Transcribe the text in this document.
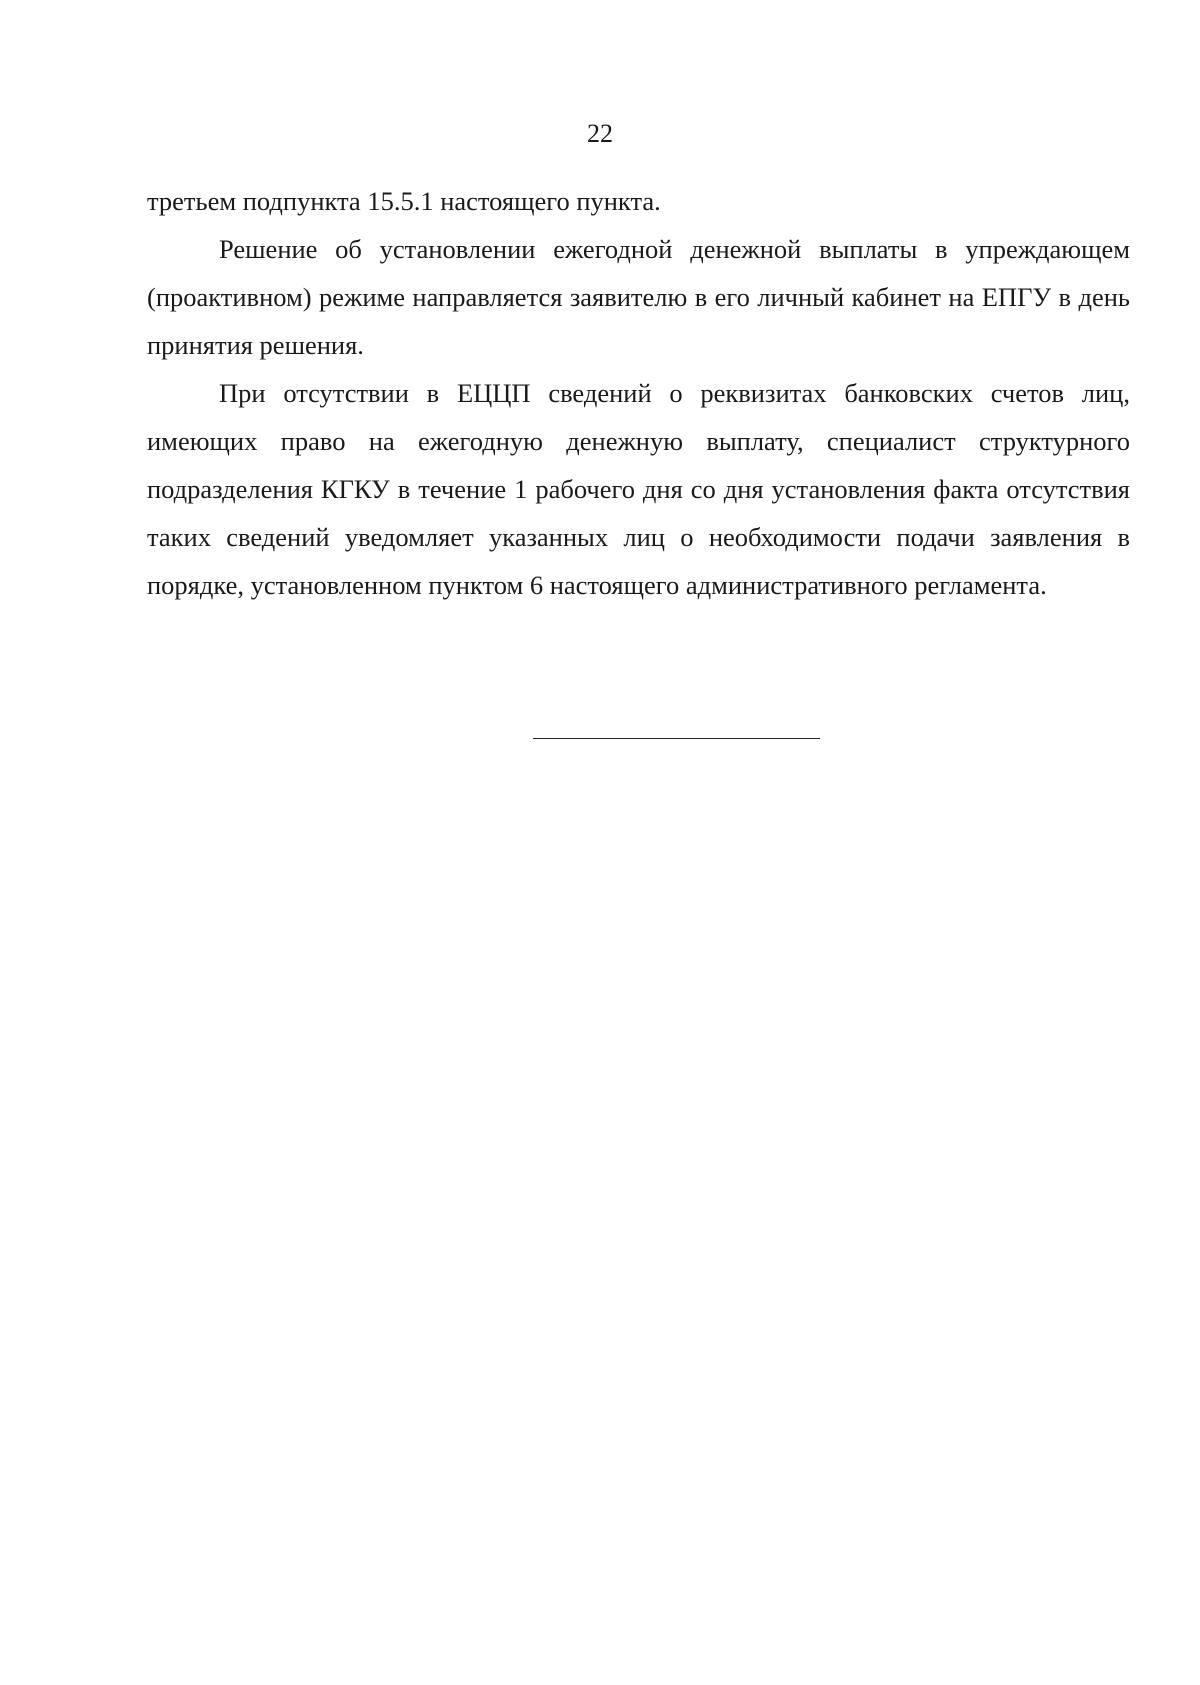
22

третьем подпункта 15.5.1 настоящего пункта.

Решение об установлении ежегодной денежной выплаты в упреждающем (проактивном) режиме направляется заявителю в его личный кабинет на ЕПГУ в день принятия решения.

При отсутствии в ЕЦЦП сведений о реквизитах банковских счетов лиц, имеющих право на ежегодную денежную выплату, специалист структурного подразделения КГКУ в течение 1 рабочего дня со дня установления факта отсутствия таких сведений уведомляет указанных лиц о необходимости подачи заявления в порядке, установленном пунктом 6 настоящего административного регламента.
